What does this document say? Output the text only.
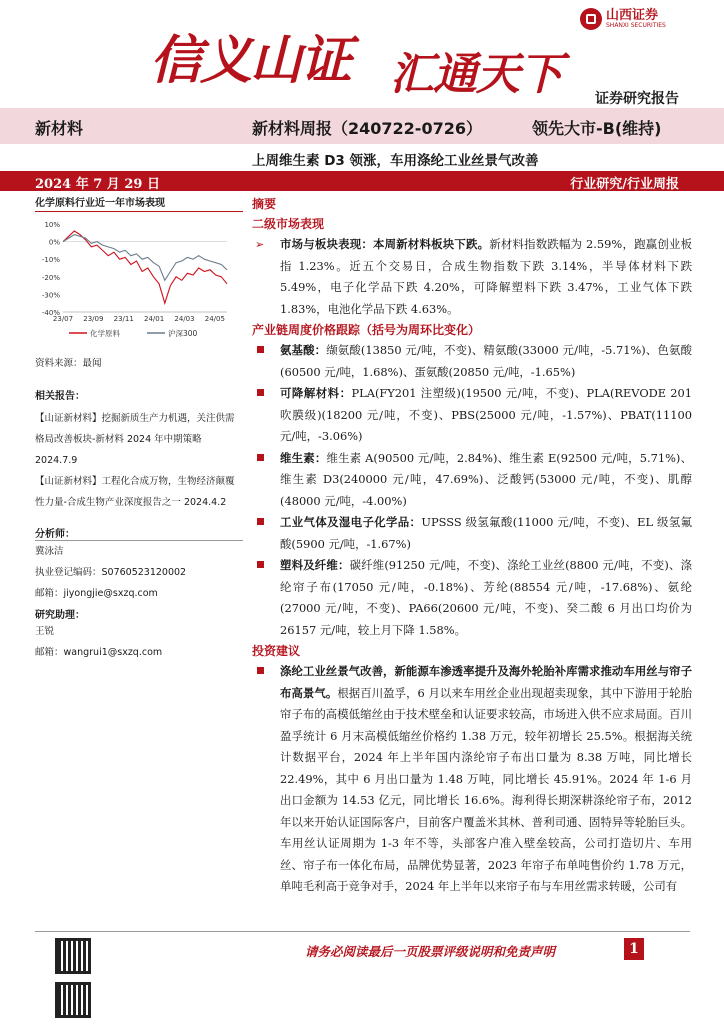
信义山证 汇通天下
山西证券
SHANXI SECURITIES
证券研究报告
新材料	新材料周报（240722-0726）	领先大市-B(维持)
上周维生素 D3 领涨，车用涤纶工业丝景气改善
2024 年 7 月 29 日	行业研究/行业周报
化学原料行业近一年市场表现
10%
0%
-10%
-20%
-30%
-40%
23/07 23/09 23/11 24/01 24/03 24/05
化学原料	沪深300
资料来源：最闻
相关报告：
【山证新材料】挖掘新质生产力机遇，关注供需格局改善板块-新材料 2024 年中期策略 2024.7.9
【山证新材料】工程化合成万物，生物经济颠覆性力量-合成生物产业深度报告之一 2024.4.2
分析师：
冀泳洁
执业登记编码：S0760523120002
邮箱：jiyongjie@sxzq.com
研究助理：
王锐
邮箱：wangrui1@sxzq.com
摘要
二级市场表现
➢ 市场与板块表现：本周新材料板块下跌。新材料指数跌幅为 2.59%，跑赢创业板指 1.23%。近五个交易日，合成生物指数下跌 3.14%，半导体材料下跌 5.49%，电子化学品下跌 4.20%，可降解塑料下跌 3.47%，工业气体下跌 1.83%，电池化学品下跌 4.63%。
产业链周度价格跟踪（括号为周环比变化）
氨基酸：缬氨酸(13850 元/吨，不变)、精氨酸(33000 元/吨，-5.71%)、色氨酸(60500 元/吨，1.68%)、蛋氨酸(20850 元/吨，-1.65%)
可降解材料：PLA(FY201 注塑级)(19500 元/吨，不变)、PLA(REVODE 201 吹膜级)(18200 元/吨，不变)、PBS(25000 元/吨，-1.57%)、PBAT(11100 元/吨，-3.06%)
维生素：维生素 A(90500 元/吨，2.84%)、维生素 E(92500 元/吨，5.71%)、维生素 D3(240000 元/吨，47.69%)、泛酸钙(53000 元/吨，不变)、肌醇(48000 元/吨，-4.00%)
工业气体及湿电子化学品：UPSSS 级氢氟酸(11000 元/吨，不变)、EL 级氢氟酸(5900 元/吨，-1.67%)
塑料及纤维：碳纤维(91250 元/吨，不变)、涤纶工业丝(8800 元/吨，不变)、涤纶帘子布(17050 元/吨，-0.18%)、芳纶(88554 元/吨，-17.68%)、氨纶(27000 元/吨，不变)、PA66(20600 元/吨，不变)、癸二酸 6 月出口均价为 26157 元/吨，较上月下降 1.58%。
投资建议
涤纶工业丝景气改善，新能源车渗透率提升及海外轮胎补库需求推动车用丝与帘子布高景气。根据百川盈孚，6 月以来车用丝企业出现超卖现象，其中下游用于轮胎帘子布的高模低缩丝由于技术壁垒和认证要求较高，市场进入供不应求局面。百川盈孚统计 6 月末高模低缩丝价格约 1.38 万元，较年初增长 25.5%。根据海关统计数据平台，2024 年上半年国内涤纶帘子布出口量为 8.38 万吨，同比增长 22.49%，其中 6 月出口量为 1.48 万吨，同比增长 45.91%。2024 年 1-6 月出口金额为 14.53 亿元，同比增长 16.6%。海利得长期深耕涤纶帘子布，2012 年以来开始认证国际客户，目前客户覆盖米其林、普利司通、固特异等轮胎巨头。车用丝认证周期为 1-3 年不等，头部客户准入壁垒较高，公司打造切片、车用丝、帘子布一体化布局，品牌优势显著，2023 年帘子布单吨售价约 1.78 万元，单吨毛利高于竞争对手，2024 年上半年以来帘子布与车用丝需求转暖，公司有
请务必阅读最后一页股票评级说明和免责声明	1
